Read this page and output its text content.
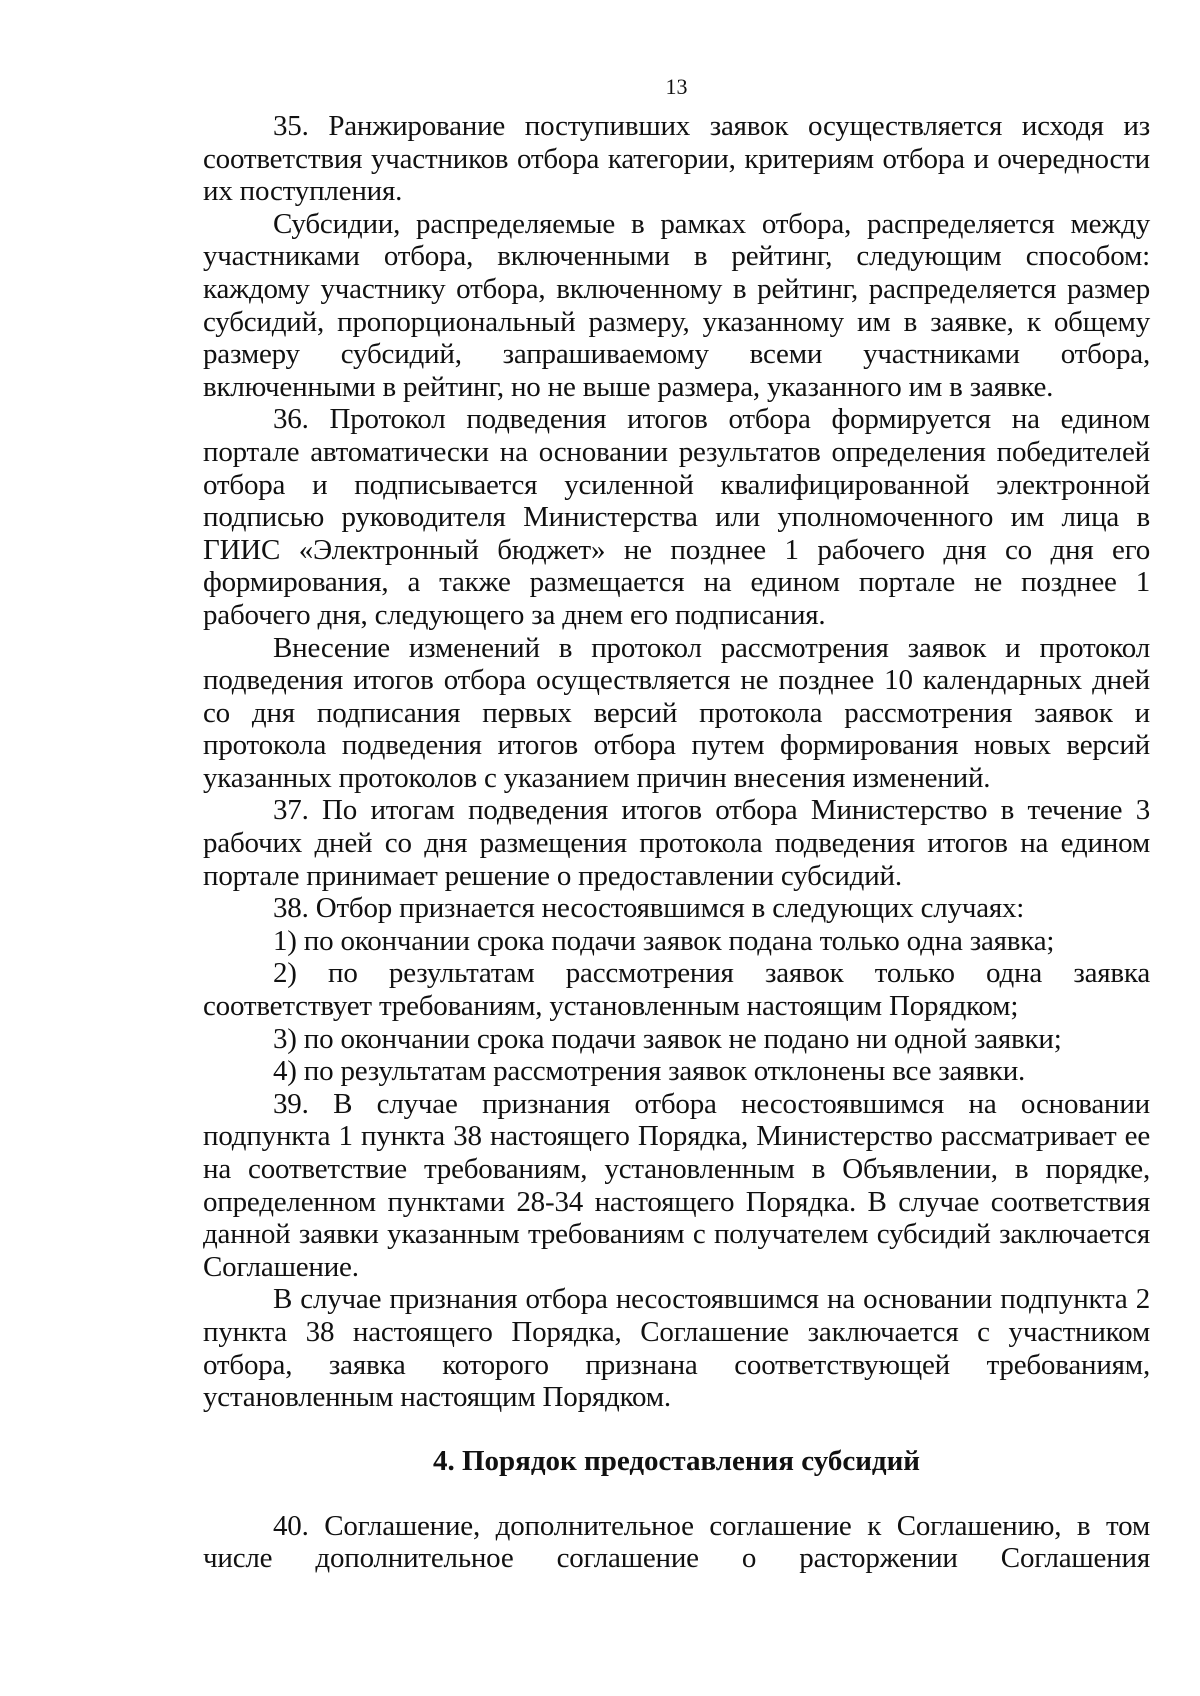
13

35. Ранжирование поступивших заявок осуществляется исходя из соответствия участников отбора категории, критериям отбора и очередности их поступления.

Субсидии, распределяемые в рамках отбора, распределяется между участниками отбора, включенными в рейтинг, следующим способом: каждому участнику отбора, включенному в рейтинг, распределяется размер субсидий, пропорциональный размеру, указанному им в заявке, к общему размеру субсидий, запрашиваемому всеми участниками отбора, включенными в рейтинг, но не выше размера, указанного им в заявке.

36. Протокол подведения итогов отбора формируется на едином портале автоматически на основании результатов определения победителей отбора и подписывается усиленной квалифицированной электронной подписью руководителя Министерства или уполномоченного им лица в ГИИС «Электронный бюджет» не позднее 1 рабочего дня со дня его формирования, а также размещается на едином портале не позднее 1 рабочего дня, следующего за днем его подписания.

Внесение изменений в протокол рассмотрения заявок и протокол подведения итогов отбора осуществляется не позднее 10 календарных дней со дня подписания первых версий протокола рассмотрения заявок и протокола подведения итогов отбора путем формирования новых версий указанных протоколов с указанием причин внесения изменений.

37. По итогам подведения итогов отбора Министерство в течение 3 рабочих дней со дня размещения протокола подведения итогов на едином портале принимает решение о предоставлении субсидий.

38. Отбор признается несостоявшимся в следующих случаях:

1) по окончании срока подачи заявок подана только одна заявка;

2) по результатам рассмотрения заявок только одна заявка соответствует требованиям, установленным настоящим Порядком;

3) по окончании срока подачи заявок не подано ни одной заявки;

4) по результатам рассмотрения заявок отклонены все заявки.

39. В случае признания отбора несостоявшимся на основании подпункта 1 пункта 38 настоящего Порядка, Министерство рассматривает ее на соответствие требованиям, установленным в Объявлении, в порядке, определенном пунктами 28-34 настоящего Порядка. В случае соответствия данной заявки указанным требованиям с получателем субсидий заключается Соглашение.

В случае признания отбора несостоявшимся на основании подпункта 2 пункта 38 настоящего Порядка, Соглашение заключается с участником отбора, заявка которого признана соответствующей требованиям, установленным настоящим Порядком.

4. Порядок предоставления субсидий

40. Соглашение, дополнительное соглашение к Соглашению, в том числе дополнительное соглашение о расторжении Соглашения
